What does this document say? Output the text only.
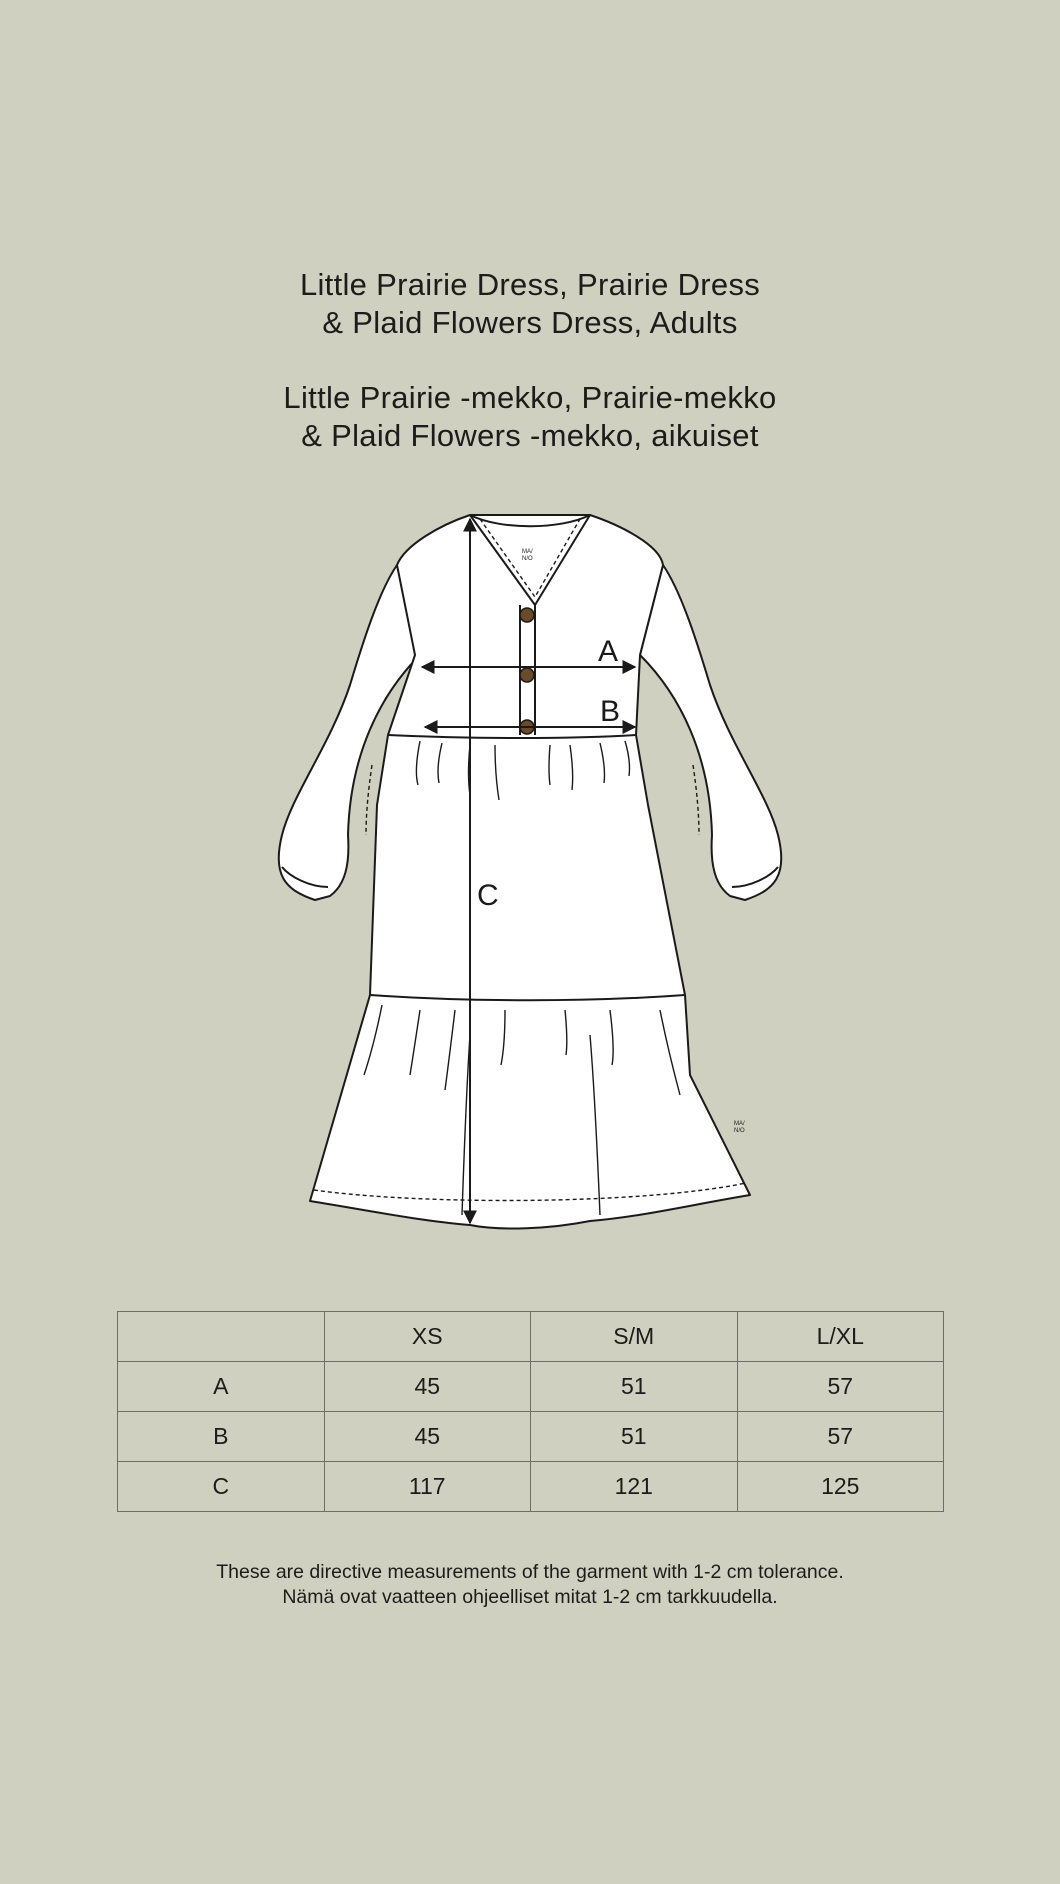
Little Prairie Dress, Prairie Dress
& Plaid Flowers Dress, Adults
Little Prairie -mekko, Prairie-mekko
& Plaid Flowers -mekko, aikuiset
A
B
C
MA/ N/O
MA/ N/O
	XS	S/M	L/XL
A	45	51	57
B	45	51	57
C	117	121	125
These are directive measurements of the garment with 1-2 cm tolerance.
Nämä ovat vaatteen ohjeelliset mitat 1-2 cm tarkkuudella.
